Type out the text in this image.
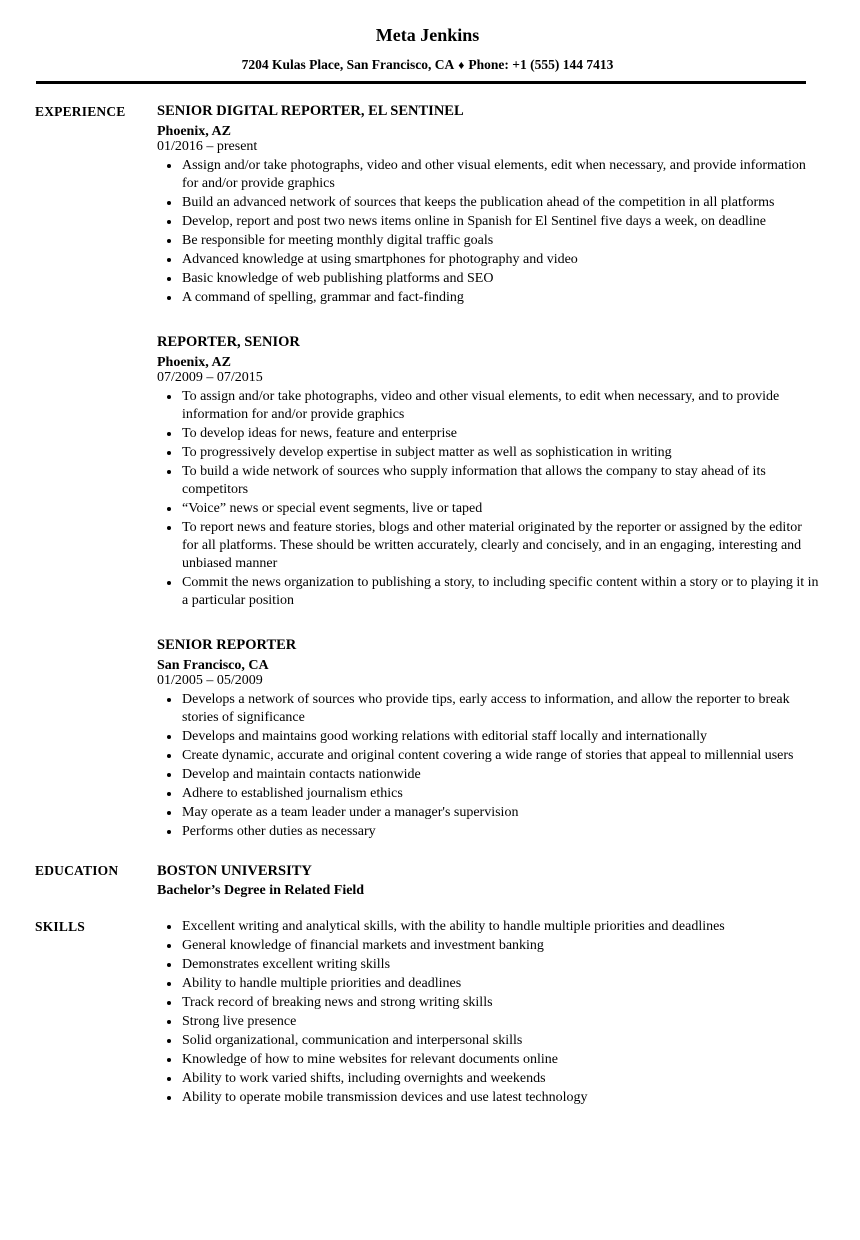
Meta Jenkins
7204 Kulas Place, San Francisco, CA ♦ Phone: +1 (555) 144 7413
EXPERIENCE	SENIOR DIGITAL REPORTER, EL SENTINEL
Phoenix, AZ
01/2016 – present
• Assign and/or take photographs, video and other visual elements, edit when necessary, and provide information for and/or provide graphics
• Build an advanced network of sources that keeps the publication ahead of the competition in all platforms
• Develop, report and post two news items online in Spanish for El Sentinel five days a week, on deadline
• Be responsible for meeting monthly digital traffic goals
• Advanced knowledge at using smartphones for photography and video
• Basic knowledge of web publishing platforms and SEO
• A command of spelling, grammar and fact-finding
REPORTER, SENIOR
Phoenix, AZ
07/2009 – 07/2015
• To assign and/or take photographs, video and other visual elements, to edit when necessary, and to provide information for and/or provide graphics
• To develop ideas for news, feature and enterprise
• To progressively develop expertise in subject matter as well as sophistication in writing
• To build a wide network of sources who supply information that allows the company to stay ahead of its competitors
• “Voice” news or special event segments, live or taped
• To report news and feature stories, blogs and other material originated by the reporter or assigned by the editor for all platforms. These should be written accurately, clearly and concisely, and in an engaging, interesting and unbiased manner
• Commit the news organization to publishing a story, to including specific content within a story or to playing it in a particular position
SENIOR REPORTER
San Francisco, CA
01/2005 – 05/2009
• Develops a network of sources who provide tips, early access to information, and allow the reporter to break stories of significance
• Develops and maintains good working relations with editorial staff locally and internationally
• Create dynamic, accurate and original content covering a wide range of stories that appeal to millennial users
• Develop and maintain contacts nationwide
• Adhere to established journalism ethics
• May operate as a team leader under a manager's supervision
• Performs other duties as necessary
EDUCATION	BOSTON UNIVERSITY
Bachelor’s Degree in Related Field
SKILLS	• Excellent writing and analytical skills, with the ability to handle multiple priorities and deadlines
• General knowledge of financial markets and investment banking
• Demonstrates excellent writing skills
• Ability to handle multiple priorities and deadlines
• Track record of breaking news and strong writing skills
• Strong live presence
• Solid organizational, communication and interpersonal skills
• Knowledge of how to mine websites for relevant documents online
• Ability to work varied shifts, including overnights and weekends
• Ability to operate mobile transmission devices and use latest technology
